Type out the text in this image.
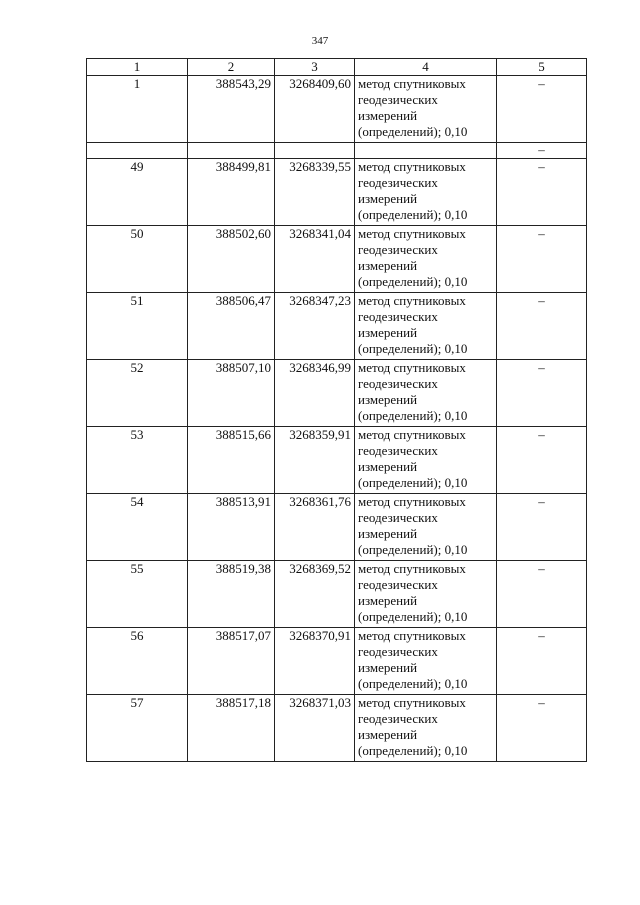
347
1	2	3	4	5
1	388543,29	3268409,60	метод спутниковых геодезических измерений (определений); 0,10	–
				–
49	388499,81	3268339,55	метод спутниковых геодезических измерений (определений); 0,10	–
50	388502,60	3268341,04	метод спутниковых геодезических измерений (определений); 0,10	–
51	388506,47	3268347,23	метод спутниковых геодезических измерений (определений); 0,10	–
52	388507,10	3268346,99	метод спутниковых геодезических измерений (определений); 0,10	–
53	388515,66	3268359,91	метод спутниковых геодезических измерений (определений); 0,10	–
54	388513,91	3268361,76	метод спутниковых геодезических измерений (определений); 0,10	–
55	388519,38	3268369,52	метод спутниковых геодезических измерений (определений); 0,10	–
56	388517,07	3268370,91	метод спутниковых геодезических измерений (определений); 0,10	–
57	388517,18	3268371,03	метод спутниковых геодезических измерений (определений); 0,10	–
